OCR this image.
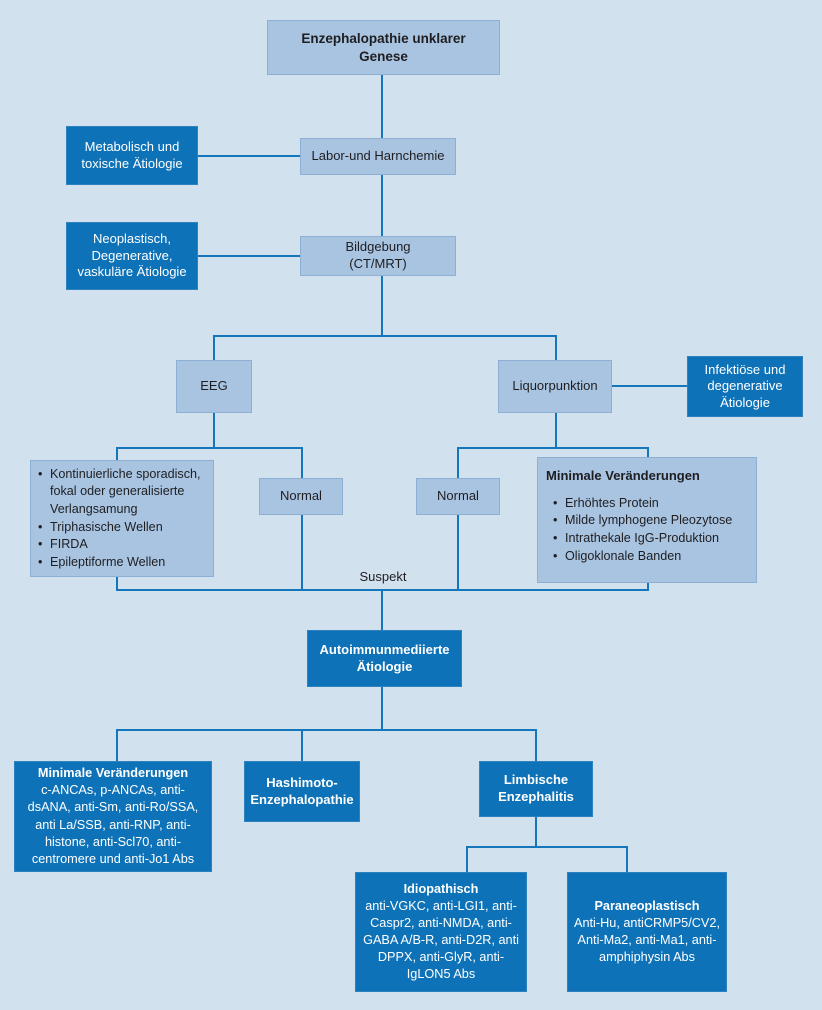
Enzephalopathie unklarer Genese
Metabolisch und toxische Ätiologie	Labor-und Harnchemie
Neoplastisch, Degenerative, vaskuläre Ätiologie
Bildgebung
(CT/MRT)
EEG	Liquorpunktion
Infektiöse und degenerative Ätiologie
• Kontinuierliche sporadisch, fokal oder generalisierte Verlangsamung
• Triphasische Wellen
• FIRDA
• Epileptiforme Wellen
Normal	Normal
Minimale Veränderungen
• Erhöhtes Protein
• Milde lymphogene Pleozytose
• Intrathekale IgG-Produktion
• Oligoklonale Banden
Suspekt
Autoimmunmediierte Ätiologie
Minimale Veränderungen
c-ANCAs, p-ANCAs, anti-dsANA, anti-Sm, anti-Ro/SSA, anti La/SSB, anti-RNP, anti-histone, anti-Scl70, anti-centromere und anti-Jo1 Abs
Hashimoto-Enzephalopathie
Limbische Enzephalitis
Idiopathisch
anti-VGKC, anti-LGI1, anti-Caspr2, anti-NMDA, anti-GABA A/B-R, anti-D2R, anti DPPX, anti-GlyR, anti-IgLON5 Abs
Paraneoplastisch
Anti-Hu, antiCRMP5/CV2, Anti-Ma2, anti-Ma1, anti-amphiphysin Abs
